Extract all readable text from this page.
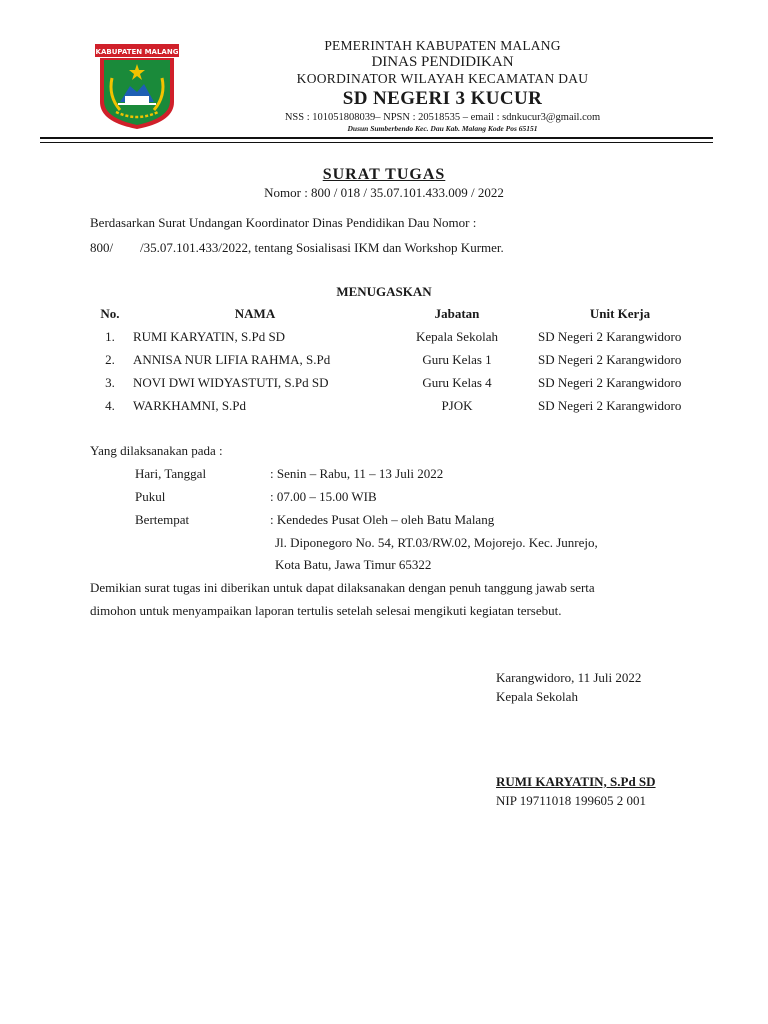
KABUPATEN MALANG	PEMERINTAH KABUPATEN MALANG
DINAS PENDIDIKAN
KOORDINATOR WILAYAH KECAMATAN DAU
SD NEGERI 3 KUCUR
NSS : 101051808039– NPSN : 20518535 – email : sdnkucur3@gmail.com
Dusun Sumberbendo Kec. Dau Kab. Malang Kode Pos 65151
SURAT TUGAS
Nomor : 800 / 018 / 35.07.101.433.009 / 2022
Berdasarkan Surat Undangan Koordinator Dinas Pendidikan Dau Nomor :
800/ /35.07.101.433/2022, tentang Sosialisasi IKM dan Workshop Kurmer.
MENUGASKAN
No.	NAMA	Jabatan	Unit Kerja
1.	RUMI KARYATIN, S.Pd SD	Kepala Sekolah	SD Negeri 2 Karangwidoro
2.	ANNISA NUR LIFIA RAHMA, S.Pd	Guru Kelas 1	SD Negeri 2 Karangwidoro
3.	NOVI DWI WIDYASTUTI, S.Pd SD	Guru Kelas 4	SD Negeri 2 Karangwidoro
4.	WARKHAMNI, S.Pd	PJOK	SD Negeri 2 Karangwidoro
Yang dilaksanakan pada :
Hari, Tanggal	: Senin – Rabu, 11 – 13 Juli 2022
Pukul	: 07.00 – 15.00 WIB
Bertempat	: Kendedes Pusat Oleh – oleh Batu Malang
Jl. Diponegoro No. 54, RT.03/RW.02, Mojorejo. Kec. Junrejo,
Kota Batu, Jawa Timur 65322
Demikian surat tugas ini diberikan untuk dapat dilaksanakan dengan penuh tanggung jawab serta
dimohon untuk menyampaikan laporan tertulis setelah selesai mengikuti kegiatan tersebut.
Karangwidoro, 11 Juli 2022
Kepala Sekolah
RUMI KARYATIN, S.Pd SD
NIP 19711018 199605 2 001
